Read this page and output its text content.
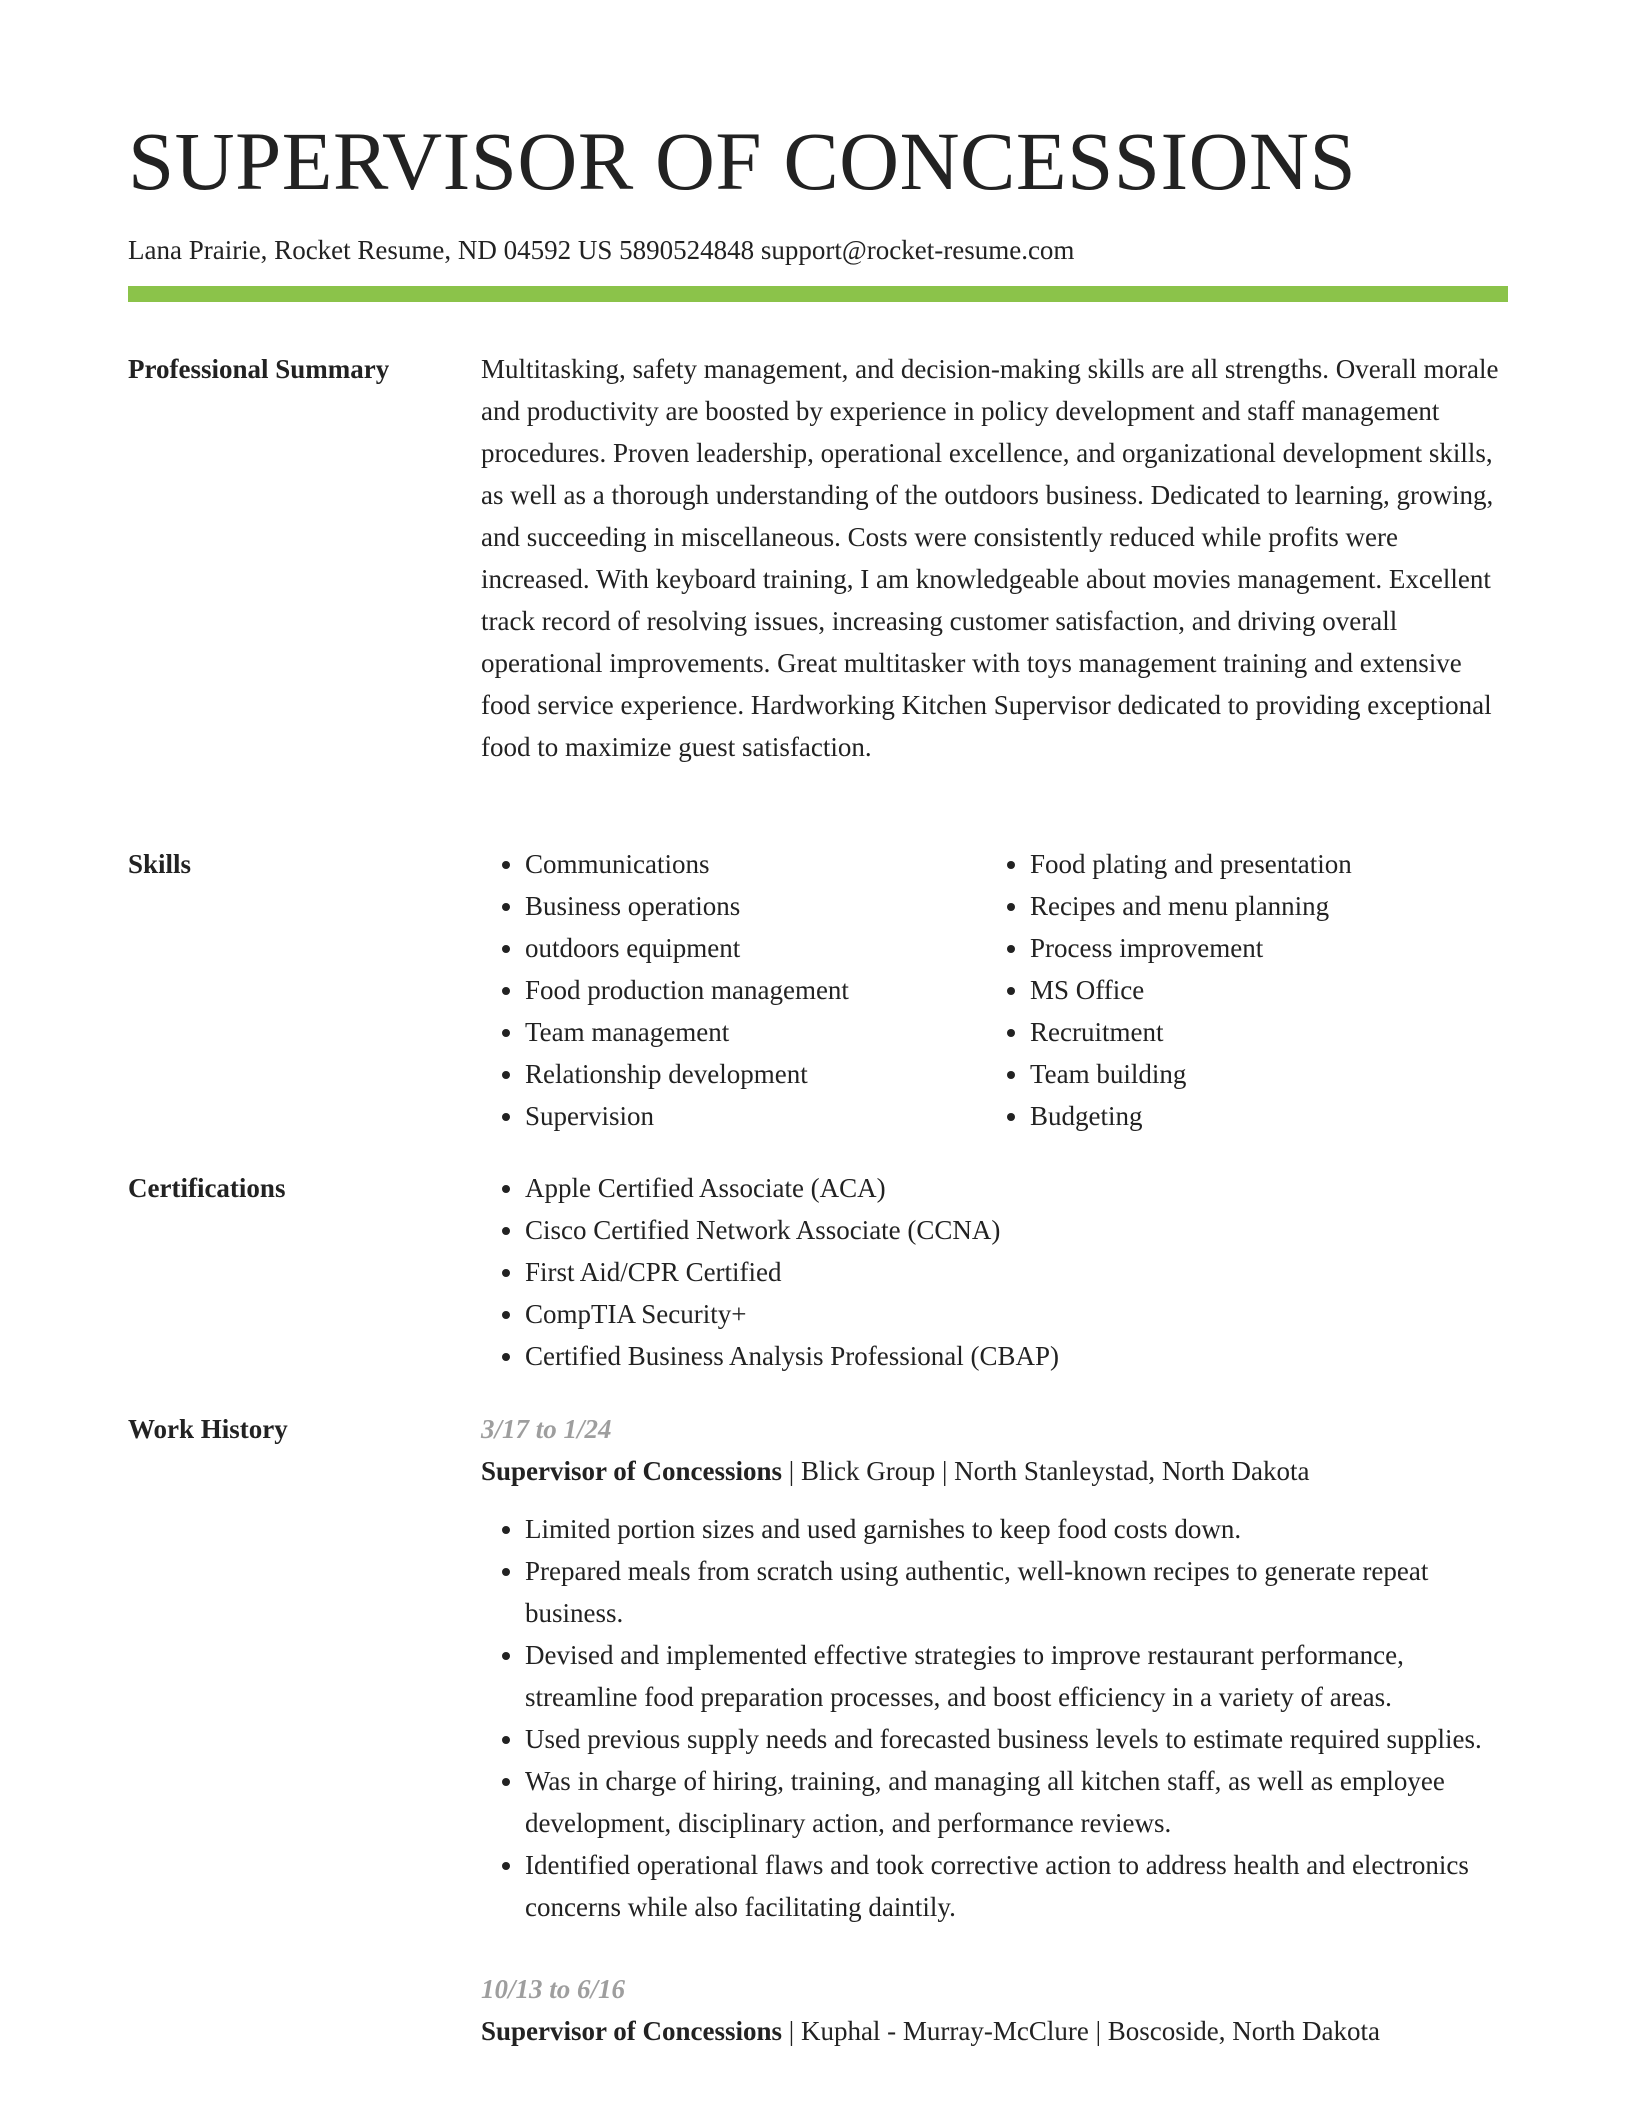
SUPERVISOR OF CONCESSIONS
Lana Prairie, Rocket Resume, ND 04592 US 5890524848 support@rocket-resume.com
Professional Summary	Multitasking, safety management, and decision-making skills are all strengths. Overall morale and productivity are boosted by experience in policy development and staff management procedures. Proven leadership, operational excellence, and organizational development skills, as well as a thorough understanding of the outdoors business. Dedicated to learning, growing, and succeeding in miscellaneous. Costs were consistently reduced while profits were increased. With keyboard training, I am knowledgeable about movies management. Excellent track record of resolving issues, increasing customer satisfaction, and driving overall operational improvements. Great multitasker with toys management training and extensive food service experience. Hardworking Kitchen Supervisor dedicated to providing exceptional food to maximize guest satisfaction.

Skills	• Communications
• Business operations
• outdoors equipment
• Food production management
• Team management
• Relationship development
• Supervision
• Food plating and presentation
• Recipes and menu planning
• Process improvement
• MS Office
• Recruitment
• Team building
• Budgeting
Certifications	• Apple Certified Associate (ACA)
• Cisco Certified Network Associate (CCNA)
• First Aid/CPR Certified
• CompTIA Security+
• Certified Business Analysis Professional (CBAP)
Work History	3/17 to 1/24
Supervisor of Concessions | Blick Group | North Stanleystad, North Dakota
• Limited portion sizes and used garnishes to keep food costs down.
• Prepared meals from scratch using authentic, well-known recipes to generate repeat business.
• Devised and implemented effective strategies to improve restaurant performance, streamline food preparation processes, and boost efficiency in a variety of areas.
• Used previous supply needs and forecasted business levels to estimate required supplies.
• Was in charge of hiring, training, and managing all kitchen staff, as well as employee development, disciplinary action, and performance reviews.
• Identified operational flaws and took corrective action to address health and electronics concerns while also facilitating daintily.
10/13 to 6/16
Supervisor of Concessions | Kuphal - Murray-McClure | Boscoside, North Dakota
